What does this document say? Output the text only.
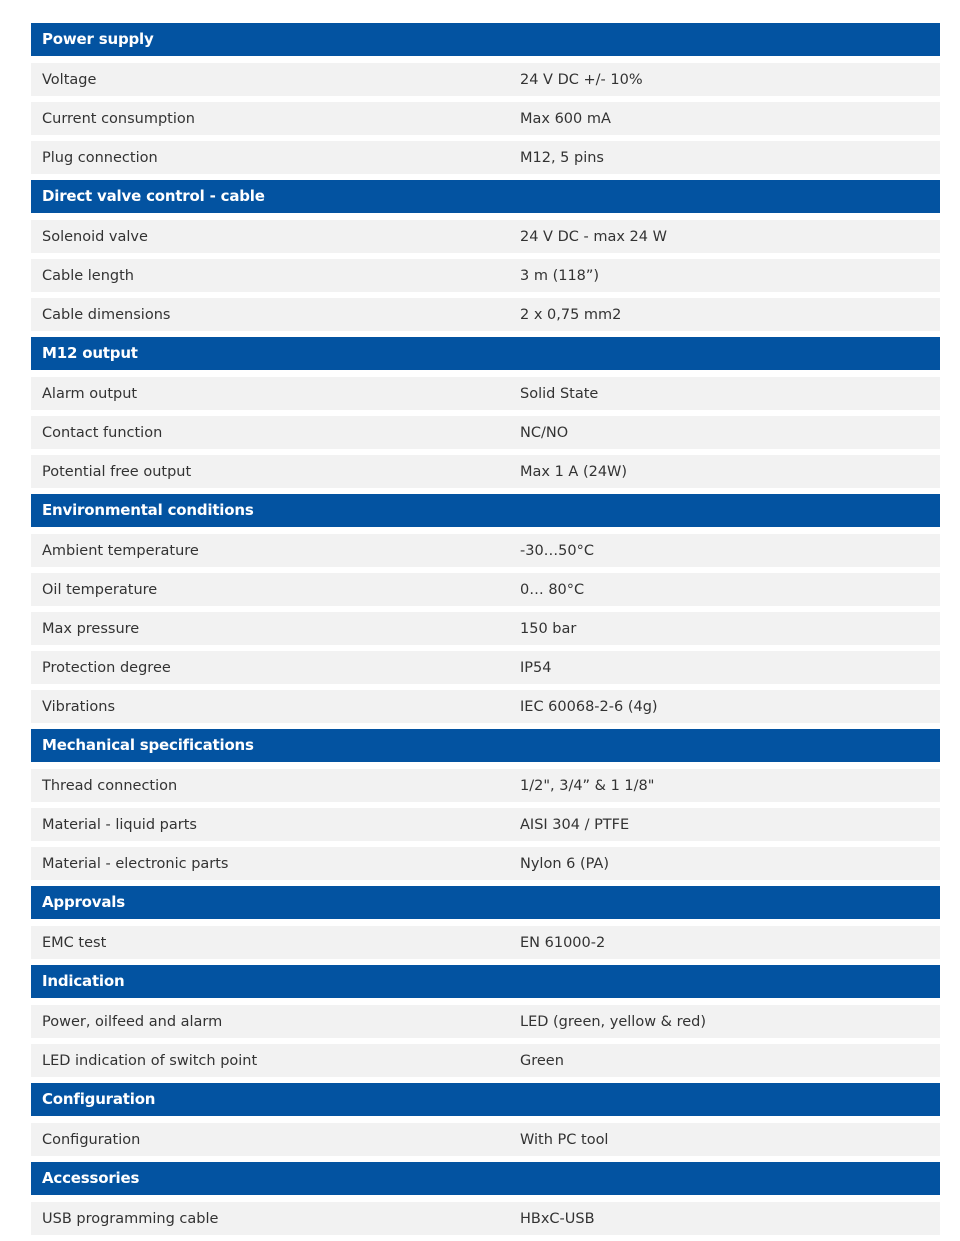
Power supply
Voltage	24 V DC +/- 10%
Current consumption	Max 600 mA
Plug connection	M12, 5 pins
Direct valve control - cable
Solenoid valve	24 V DC - max 24 W
Cable length	3 m (118”)
Cable dimensions	2 x 0,75 mm2
M12 output
Alarm output	Solid State
Contact function	NC/NO
Potential free output	Max 1 A (24W)
Environmental conditions
Ambient temperature	-30…50°C
Oil temperature	0… 80°C
Max pressure	150 bar
Protection degree	IP54
Vibrations	IEC 60068-2-6 (4g)
Mechanical specifications
Thread connection	1/2", 3/4” & 1 1/8"
Material - liquid parts	AISI 304 / PTFE
Material - electronic parts	Nylon 6 (PA)
Approvals
EMC test	EN 61000-2
Indication
Power, oilfeed and alarm	LED (green, yellow & red)
LED indication of switch point	Green
Configuration
Configuration	With PC tool
Accessories
USB programming cable	HBxC-USB
